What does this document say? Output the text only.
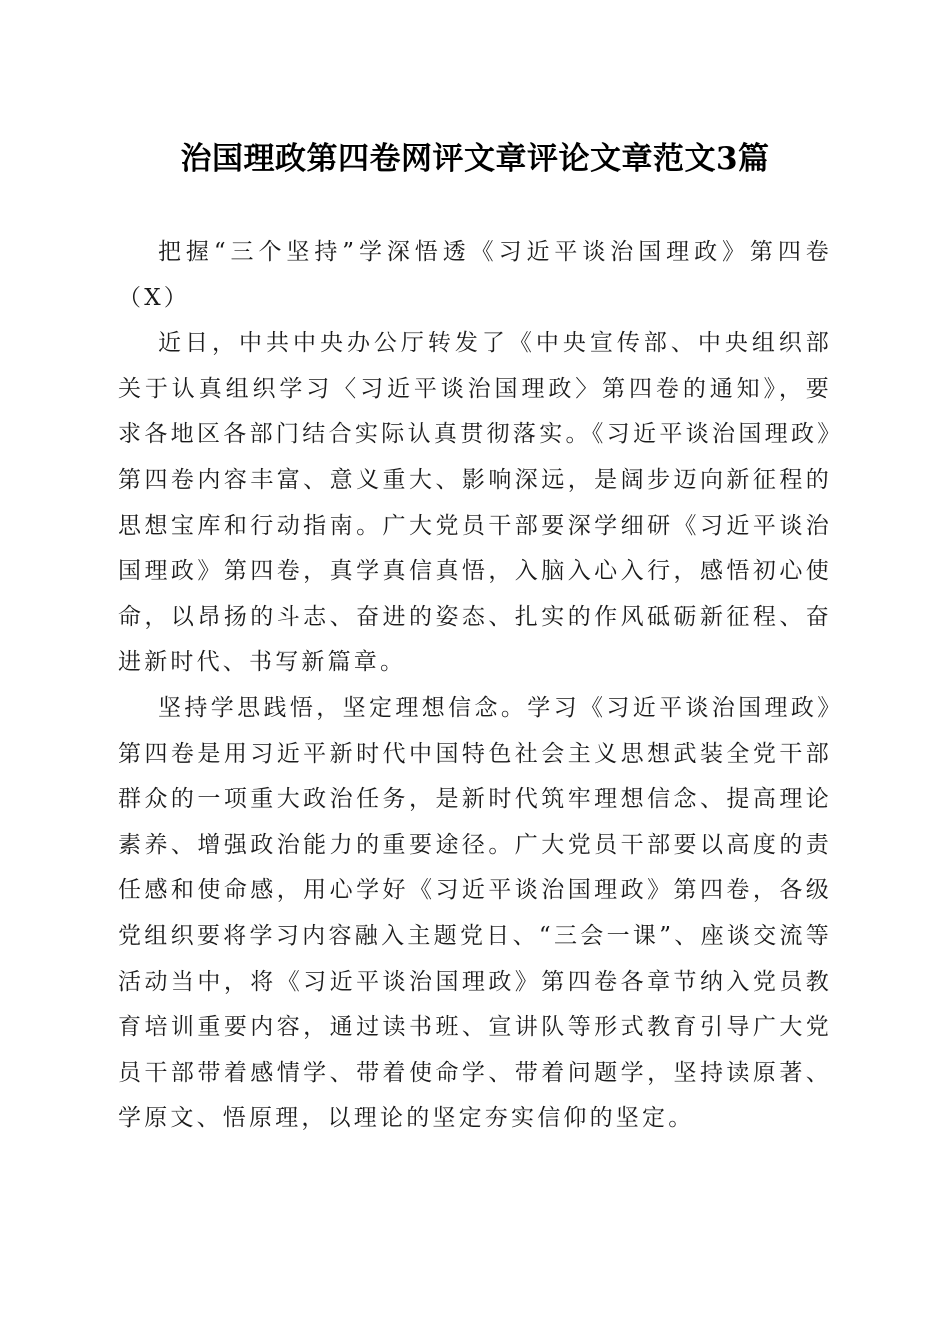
治国理政第四卷网评文章评论文章范文3篇

把握“三个坚持”学深悟透《习近平谈治国理政》第四卷（X）

近日，中共中央办公厅转发了《中央宣传部、中央组织部关于认真组织学习〈习近平谈治国理政〉第四卷的通知》，要求各地区各部门结合实际认真贯彻落实。《习近平谈治国理政》第四卷内容丰富、意义重大、影响深远，是阔步迈向新征程的思想宝库和行动指南。广大党员干部要深学细研《习近平谈治国理政》第四卷，真学真信真悟，入脑入心入行，感悟初心使命，以昂扬的斗志、奋进的姿态、扎实的作风砥砺新征程、奋进新时代、书写新篇章。

坚持学思践悟，坚定理想信念。学习《习近平谈治国理政》第四卷是用习近平新时代中国特色社会主义思想武装全党干部群众的一项重大政治任务，是新时代筑牢理想信念、提高理论素养、增强政治能力的重要途径。广大党员干部要以高度的责任感和使命感，用心学好《习近平谈治国理政》第四卷，各级党组织要将学习内容融入主题党日、“三会一课”、座谈交流等活动当中，将《习近平谈治国理政》第四卷各章节纳入党员教育培训重要内容，通过读书班、宣讲队等形式教育引导广大党员干部带着感情学、带着使命学、带着问题学，坚持读原著、学原文、悟原理，以理论的坚定夯实信仰的坚定。
